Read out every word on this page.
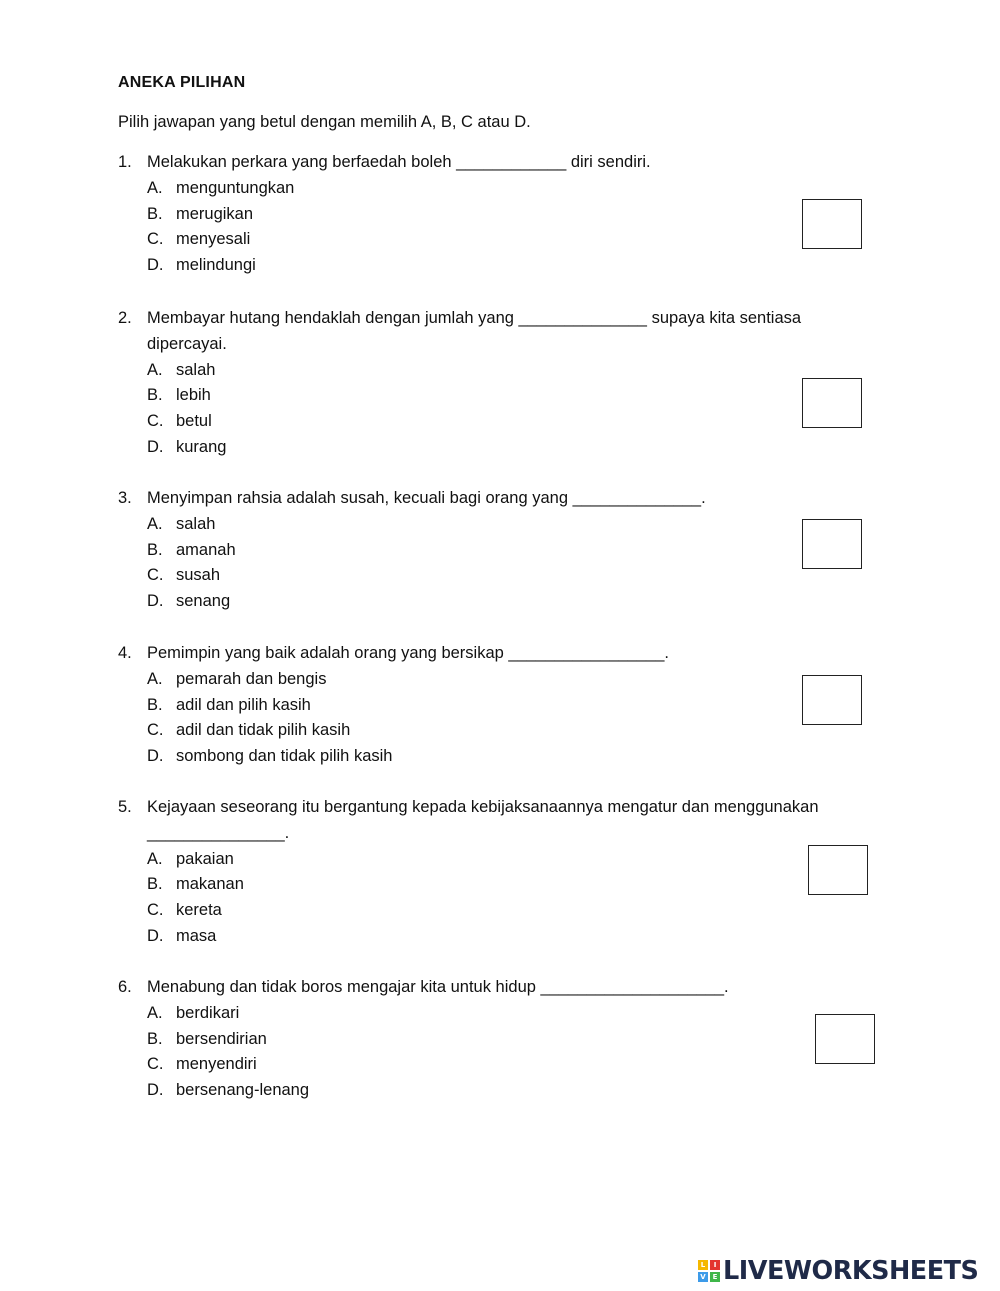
ANEKA PILIHAN
Pilih jawapan yang betul dengan memilih A, B, C atau D.
1. Melakukan perkara yang berfaedah boleh ____________ diri sendiri.
A. menguntungkan
B. merugikan
C. menyesali
D. melindungi
2. Membayar hutang hendaklah dengan jumlah yang ______________ supaya kita sentiasa
dipercayai.
A. salah
B. lebih
C. betul
D. kurang
3. Menyimpan rahsia adalah susah, kecuali bagi orang yang ______________.
A. salah
B. amanah
C. susah
D. senang
4. Pemimpin yang baik adalah orang yang bersikap _________________.
A. pemarah dan bengis
B. adil dan pilih kasih
C. adil dan tidak pilih kasih
D. sombong dan tidak pilih kasih
5. Kejayaan seseorang itu bergantung kepada kebijaksanaannya mengatur dan menggunakan
_______________.
A. pakaian
B. makanan
C. kereta
D. masa
6. Menabung dan tidak boros mengajar kita untuk hidup ____________________.
A. berdikari
B. bersendirian
C. menyendiri
D. bersenang-lenang
L	I
V E LIVEWORKSHEETS
